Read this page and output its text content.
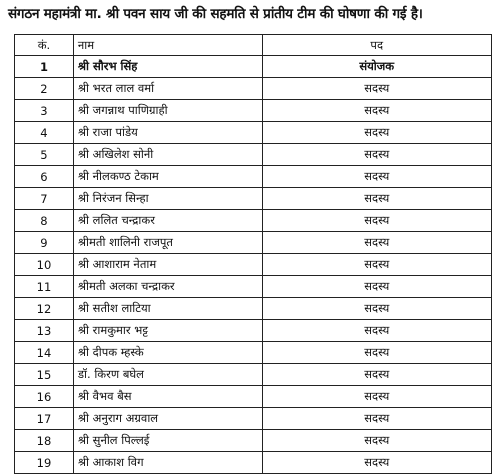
संगठन महामंत्री मा. श्री पवन साय जी की सहमति से प्रांतीय टीम की घोषणा की गई है।
कं.	नाम	पद
1	श्री सौरभ सिंह	संयोजक
2	श्री भरत लाल वर्मा	सदस्य
3	श्री जगन्नाथ पाणिग्राही	सदस्य
4	श्री राजा पांडेय	सदस्य
5	श्री अखिलेश सोनी	सदस्य
6	श्री नीलकण्ठ टेकाम	सदस्य
7	श्री निरंजन सिन्हा	सदस्य
8	श्री ललित चन्द्राकर	सदस्य
9	श्रीमती शालिनी राजपूत	सदस्य
10	श्री आशाराम नेताम	सदस्य
11	श्रीमती अलका चन्द्राकर	सदस्य
12	श्री सतीश लाटिया	सदस्य
13	श्री रामकुमार भट्ट	सदस्य
14	श्री दीपक म्हस्के	सदस्य
15	डॉ. किरण बघेल	सदस्य
16	श्री वैभव बैस	सदस्य
17	श्री अनुराग अग्रवाल	सदस्य
18	श्री सुनील पिल्लई	सदस्य
19	श्री आकाश विग	सदस्य
